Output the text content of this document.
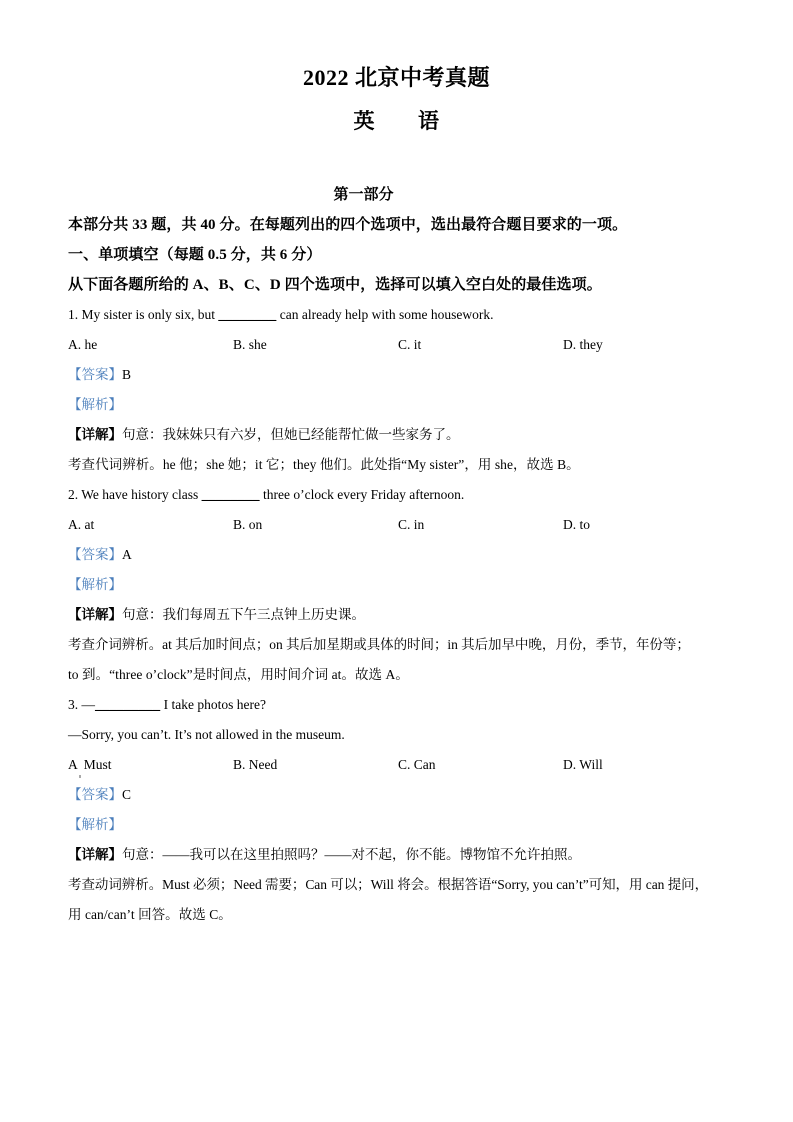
2022 北京中考真题
英　　语

第一部分

本部分共 33 题，共 40 分。在每题列出的四个选项中，选出最符合题目要求的一项。

一、单项填空（每题 0.5 分，共 6 分）

从下面各题所给的 A、B、C、D 四个选项中，选择可以填入空白处的最佳选项。

1. My sister is only six, but ________ can already help with some housework.

A. he	B. she	C. it	D. they

【答案】B

【解析】

【详解】句意：我妹妹只有六岁，但她已经能帮忙做一些家务了。

考查代词辨析。he 他；she 她；it 它；they 他们。此处指“My sister”，用 she，故选 B。

2. We have history class ________ three o’clock every Friday afternoon.

A. at	B. on	C. in	D. to

【答案】A

【解析】

【详解】句意：我们每周五下午三点钟上历史课。

考查介词辨析。at 其后加时间点；on 其后加星期或具体的时间；in 其后加早中晚，月份，季节，年份等；

to 到。“three o’clock”是时间点，用时间介词 at。故选 A。

3. —_________ I take photos here?

—Sorry, you can’t. It’s not allowed in the museum.

A  Must	B. Need	C. Can	D. Will

【答案】C

【解析】

【详解】句意：——我可以在这里拍照吗？——对不起，你不能。博物馆不允许拍照。

考查动词辨析。Must 必须；Need 需要；Can 可以；Will 将会。根据答语“Sorry, you can’t”可知，用 can 提问，

用 can/can’t 回答。故选 C。
